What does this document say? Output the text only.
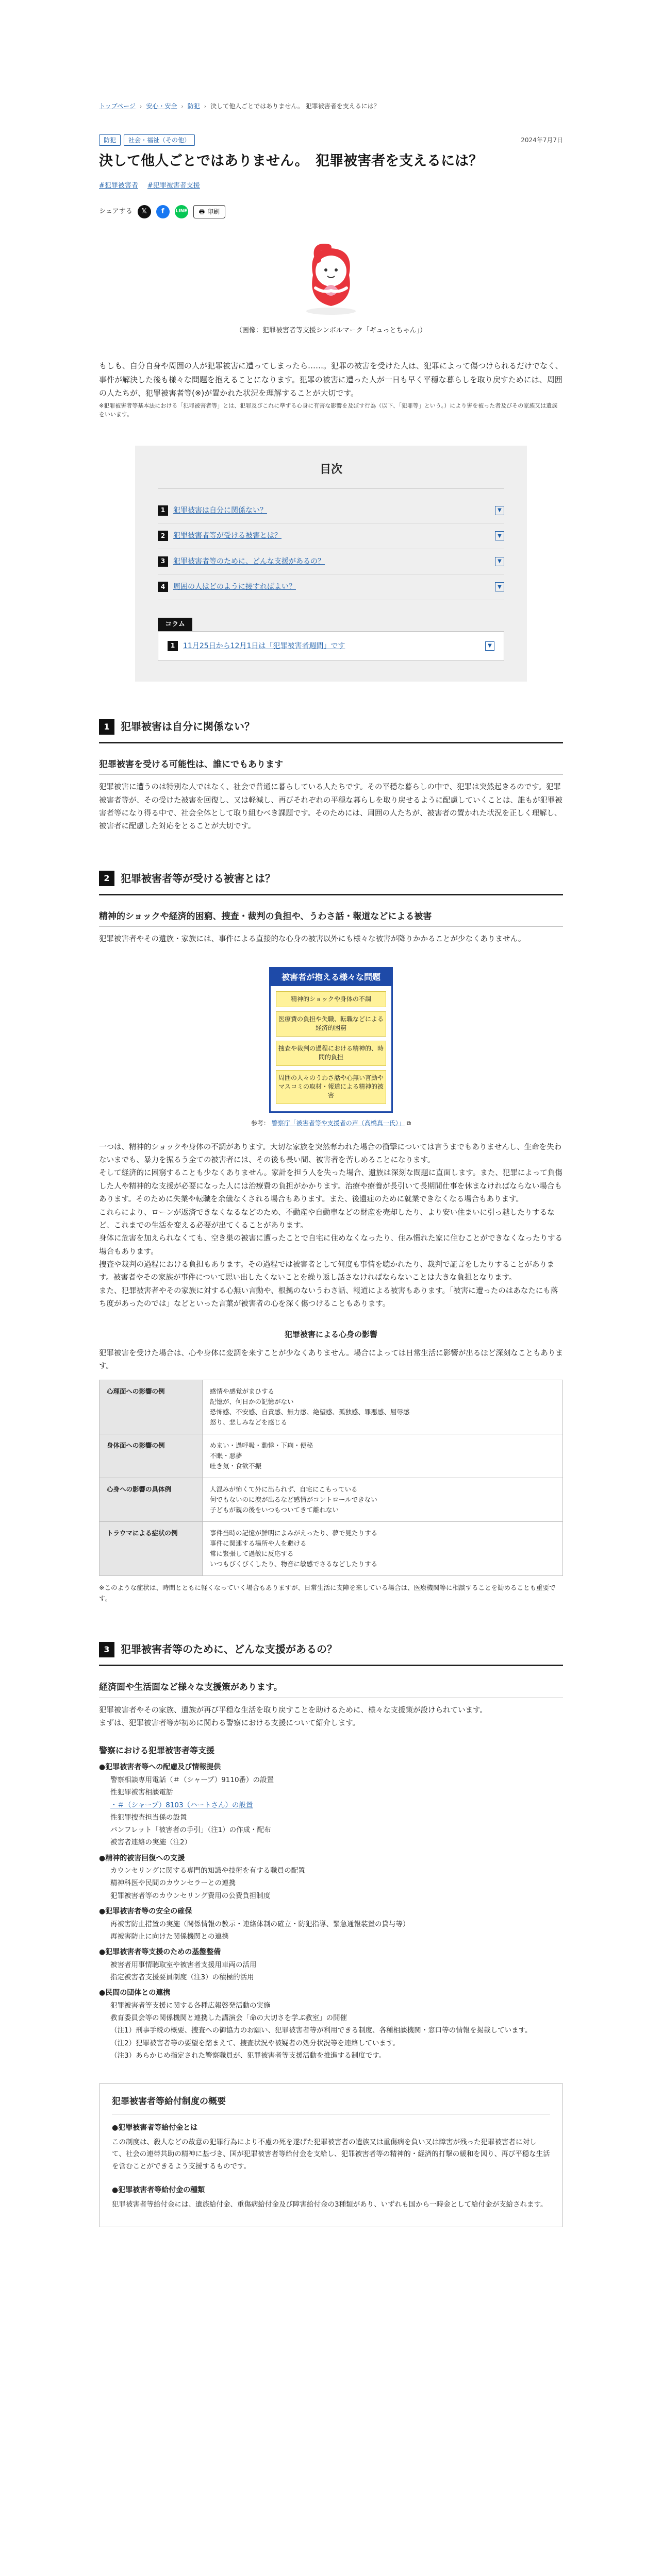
トップページ › 安心・安全 › 防犯 › 決して他人ごとではありません。 犯罪被害者を支えるには？
防犯	社会・福祉（その他）	2024年7月7日
決して他人ごとではありません。　犯罪被害者を支えるには？
#犯罪被害者 #犯罪被害者支援
シェアする	𝕏	f	LINE 🖶 印刷
（画像：犯罪被害者等支援シンボルマーク「ギュっとちゃん」）

もしも、自分自身や周囲の人が犯罪被害に遭ってしまったら……。犯罪の被害を受けた人は、犯罪によって傷つけられるだけでなく、事件が解決した後も様々な問題を抱えることになります。犯罪の被害に遭った人が一日も早く平穏な暮らしを取り戻すためには、周囲の人たちが、犯罪被害者等(※)が置かれた状況を理解することが大切です。

※犯罪被害者等基本法における「犯罪被害者等」とは、犯罪及びこれに準ずる心身に有害な影響を及ぼす行為（以下、「犯罪等」という。）により害を被った者及びその家族又は遺族をいいます。

目次
1	犯罪被害は自分に関係ない？	▼
2	犯罪被害者等が受ける被害とは？	▼
3	犯罪被害者等のために、どんな支援があるの？	▼
4	周囲の人はどのように接すればよい？	▼
コラム
1	11月25日から12月1日は「犯罪被害者週間」です	▼
1	犯罪被害は自分に関係ない？
犯罪被害を受ける可能性は、誰にでもあります

犯罪被害に遭うのは特別な人ではなく、社会で普通に暮らしている人たちです。その平穏な暮らしの中で、犯罪は突然起きるのです。犯罪被害者等が、その受けた被害を回復し、又は軽減し、再びそれぞれの平穏な暮らしを取り戻せるように配慮していくことは、誰もが犯罪被害者等になり得る中で、社会全体として取り組むべき課題です。そのためには、周囲の人たちが、被害者の置かれた状況を正しく理解し、被害者に配慮した対応をとることが大切です。

2	犯罪被害者等が受ける被害とは？
精神的ショックや経済的困窮、捜査・裁判の負担や、うわさ話・報道などによる被害

犯罪被害者やその遺族・家族には、事件による直接的な心身の被害以外にも様々な被害が降りかかることが少なくありません。

被害者が抱える様々な問題
精神的ショックや身体の不調
医療費の負担や失職、転職などによる経済的困窮
捜査や裁判の過程における精神的、時間的負担
周囲の人々のうわさ話や心無い言動やマスコミの取材・報道による精神的被害
参考： 警察庁「被害者等や支援者の声（高橋真一氏）」 ⧉

一つは、精神的ショックや身体の不調があります。大切な家族を突然奪われた場合の衝撃については言うまでもありませんし、生命を失わないまでも、暴力を振るう全ての被害者には、その後も長い間、被害者を苦しめることになります。
そして経済的に困窮することも少なくありません。家計を担う人を失った場合、遺族は深刻な問題に直面します。また、犯罪によって負傷した人や精神的な支援が必要になった人には治療費の負担がかかります。治療や療養が長引いて長期間仕事を休まなければならない場合もあります。そのために失業や転職を余儀なくされる場合もあります。また、後遺症のために就業できなくなる場合もあります。
これらにより、ローンが返済できなくなるなどのため、不動産や自動車などの財産を売却したり、より安い住まいに引っ越したりするなど、これまでの生活を変える必要が出てくることがあります。
身体に危害を加えられなくても、空き巣の被害に遭ったことで自宅に住めなくなったり、住み慣れた家に住むことができなくなったりする場合もあります。
捜査や裁判の過程における負担もあります。その過程では被害者として何度も事情を聴かれたり、裁判で証言をしたりすることがあります。被害者やその家族が事件について思い出したくないことを繰り返し話さなければならないことは大きな負担となります。
また、犯罪被害者やその家族に対する心無い言動や、根拠のないうわさ話、報道による被害もあります。「被害に遭ったのはあなたにも落ち度があったのでは」などといった言葉が被害者の心を深く傷つけることもあります。

犯罪被害による心身の影響

犯罪被害を受けた場合は、心や身体に変調を来すことが少なくありません。場合によっては日常生活に影響が出るほど深刻なこともあります。

心理面への影響の例	感情や感覚がまひする
記憶が、何日かの記憶がない
恐怖感、不安感、自責感、無力感、絶望感、孤独感、罪悪感、屈辱感
怒り、悲しみなどを感じる
身体面への影響の例	めまい・過呼吸・動悸・下痢・便秘
不眠・悪夢
吐き気・食欲不振
心身への影響の具体例	人混みが怖くて外に出られず、自宅にこもっている
何でもないのに涙が出るなど感情がコントロールできない
子どもが親の後をいつもついてきて離れない
トラウマによる症状の例	事件当時の記憶が鮮明によみがえったり、夢で見たりする
事件に関連する場所や人を避ける
常に緊張して過敏に反応する
いつもびくびくしたり、物音に敏感でさるなどしたりする

※このような症状は、時間とともに軽くなっていく場合もありますが、日常生活に支障を来している場合は、医療機関等に相談することを勧めることも重要です。

3	犯罪被害者等のために、どんな支援があるの？
経済面や生活面など様々な支援策があります。

犯罪被害者やその家族、遺族が再び平穏な生活を取り戻すことを助けるために、様々な支援策が設けられています。
まずは、犯罪被害者等が初めに関わる警察における支援について紹介します。

警察における犯罪被害者等支援
●犯罪被害者等への配慮及び情報提供
警察相談専用電話（＃（シャープ）9110番）の設置
性犯罪被害相談電話
・＃（シャープ）8103（ハートさん）の設置
性犯罪捜査担当係の設置
パンフレット「被害者の手引」（注1）の作成・配布
被害者連絡の実施（注2）
●精神的被害回復への支援
カウンセリングに関する専門的知識や技術を有する職員の配置
精神科医や民間のカウンセラーとの連携
犯罪被害者等のカウンセリング費用の公費負担制度
●犯罪被害者等の安全の確保
再被害防止措置の実施（関係情報の教示・連絡体制の確立・防犯指導、緊急通報装置の貸与等）
再被害防止に向けた関係機関との連携
●犯罪被害者等支援のための基盤整備
被害者用事情聴取室や被害者支援用車両の活用
指定被害者支援要員制度（注3）の積極的活用
●民間の団体との連携
犯罪被害者等支援に関する各種広報啓発活動の実施
教育委員会等の関係機関と連携した講演会「命の大切さを学ぶ教室」の開催
（注1）刑事手続の概要、捜査への御協力のお願い、犯罪被害者等が利用できる制度、各種相談機関・窓口等の情報を掲載しています。
（注2）犯罪被害者等の要望を踏まえて、捜査状況や被疑者の処分状況等を連絡しています。
（注3）あらかじめ指定された警察職員が、犯罪被害者等支援活動を推進する制度です。
犯罪被害者等給付制度の概要
●犯罪被害者等給付金とは

この制度は、殺人などの故意の犯罪行為により不慮の死を遂げた犯罪被害者の遺族又は重傷病を負い又は障害が残った犯罪被害者に対して、社会の連帯共助の精神に基づき、国が犯罪被害者等給付金を支給し、犯罪被害者等の精神的・経済的打撃の緩和を図り、再び平穏な生活を営むことができるよう支援するものです。

●犯罪被害者等給付金の種類

犯罪被害者等給付金には、遺族給付金、重傷病給付金及び障害給付金の3種類があり、いずれも国から一時金として給付金が支給されます。
